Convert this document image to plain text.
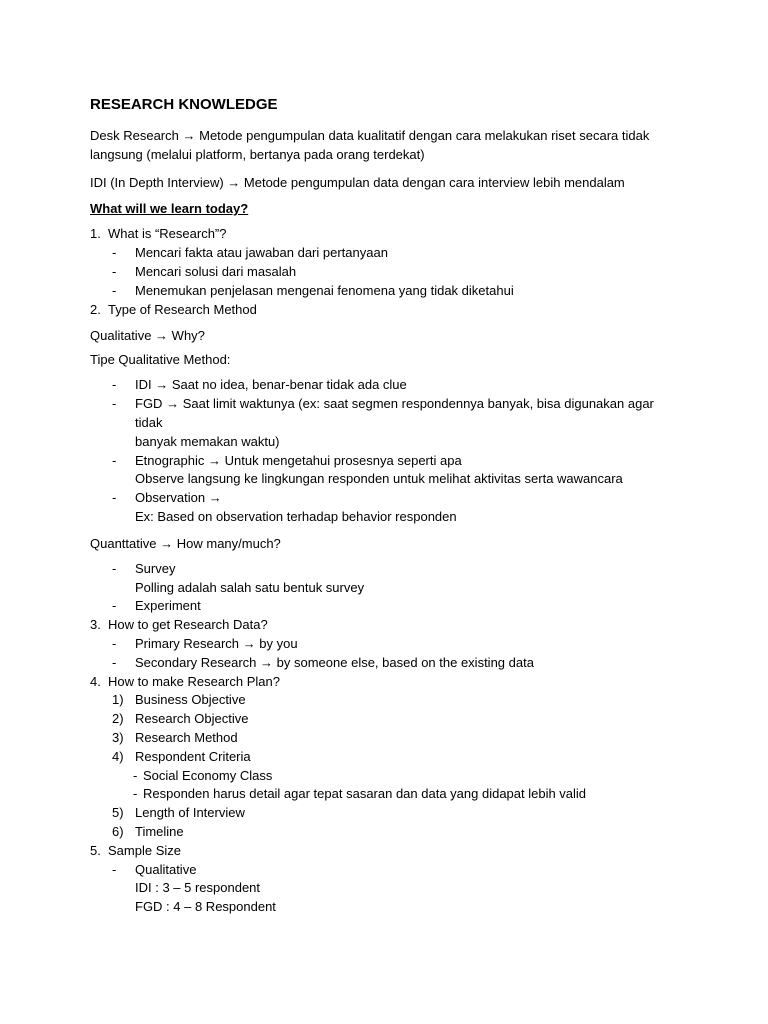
RESEARCH KNOWLEDGE
Desk Research → Metode pengumpulan data kualitatif dengan cara melakukan riset secara tidak
langsung (melalui platform, bertanya pada orang terdekat)
IDI (In Depth Interview) → Metode pengumpulan data dengan cara interview lebih mendalam
What will we learn today?
1. What is “Research”?
- Mencari fakta atau jawaban dari pertanyaan
- Mencari solusi dari masalah
- Menemukan penjelasan mengenai fenomena yang tidak diketahui
2. Type of Research Method
Qualitative → Why?
Tipe Qualitative Method:
- IDI → Saat no idea, benar-benar tidak ada clue
- FGD → Saat limit waktunya (ex: saat segmen respondennya banyak, bisa digunakan agar tidak
banyak memakan waktu)
- Etnographic → Untuk mengetahui prosesnya seperti apa
Observe langsung ke lingkungan responden untuk melihat aktivitas serta wawancara
- Observation →
Ex: Based on observation terhadap behavior responden
Quanttative → How many/much?
- Survey
Polling adalah salah satu bentuk survey
- Experiment
3. How to get Research Data?
- Primary Research → by you
- Secondary Research → by someone else, based on the existing data
4. How to make Research Plan?
1) Business Objective
2) Research Objective
3) Research Method
4) Respondent Criteria
- Social Economy Class
- Responden harus detail agar tepat sasaran dan data yang didapat lebih valid
5) Length of Interview
6) Timeline
5. Sample Size
- Qualitative
IDI : 3 – 5 respondent
FGD : 4 – 8 Respondent
